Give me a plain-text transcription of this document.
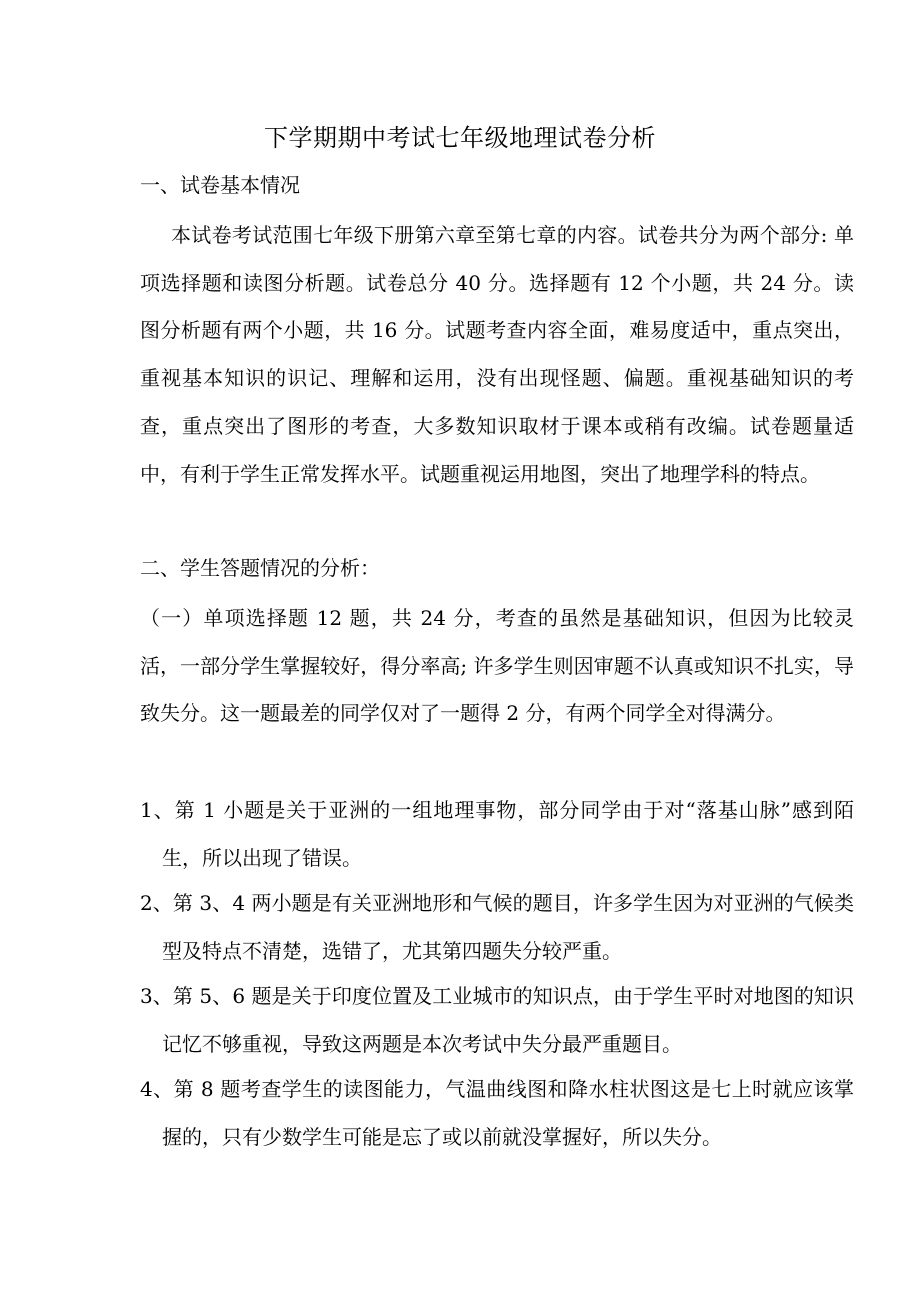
下学期期中考试七年级地理试卷分析
一、试卷基本情况
本试卷考试范围七年级下册第六章至第七章的内容。试卷共分为两个部分: 单项选择题和读图分析题。试卷总分 40 分。选择题有 12 个小题，共 24 分。读图分析题有两个小题，共 16 分。试题考查内容全面，难易度适中，重点突出，重视基本知识的识记、理解和运用，没有出现怪题、偏题。重视基础知识的考查，重点突出了图形的考查，大多数知识取材于课本或稍有改编。试卷题量适中，有利于学生正常发挥水平。试题重视运用地图，突出了地理学科的特点。
二、学生答题情况的分析：
（一）单项选择题 12 题，共 24 分，考查的虽然是基础知识，但因为比较灵活，一部分学生掌握较好，得分率高; 许多学生则因审题不认真或知识不扎实，导致失分。这一题最差的同学仅对了一题得 2 分，有两个同学全对得满分。
1、第 1 小题是关于亚洲的一组地理事物，部分同学由于对“落基山脉”感到陌生，所以出现了错误。
2、第 3、4 两小题是有关亚洲地形和气候的题目，许多学生因为对亚洲的气候类型及特点不清楚，选错了，尤其第四题失分较严重。
3、第 5、6 题是关于印度位置及工业城市的知识点，由于学生平时对地图的知识记忆不够重视，导致这两题是本次考试中失分最严重题目。
4、第 8 题考查学生的读图能力，气温曲线图和降水柱状图这是七上时就应该掌握的，只有少数学生可能是忘了或以前就没掌握好，所以失分。
